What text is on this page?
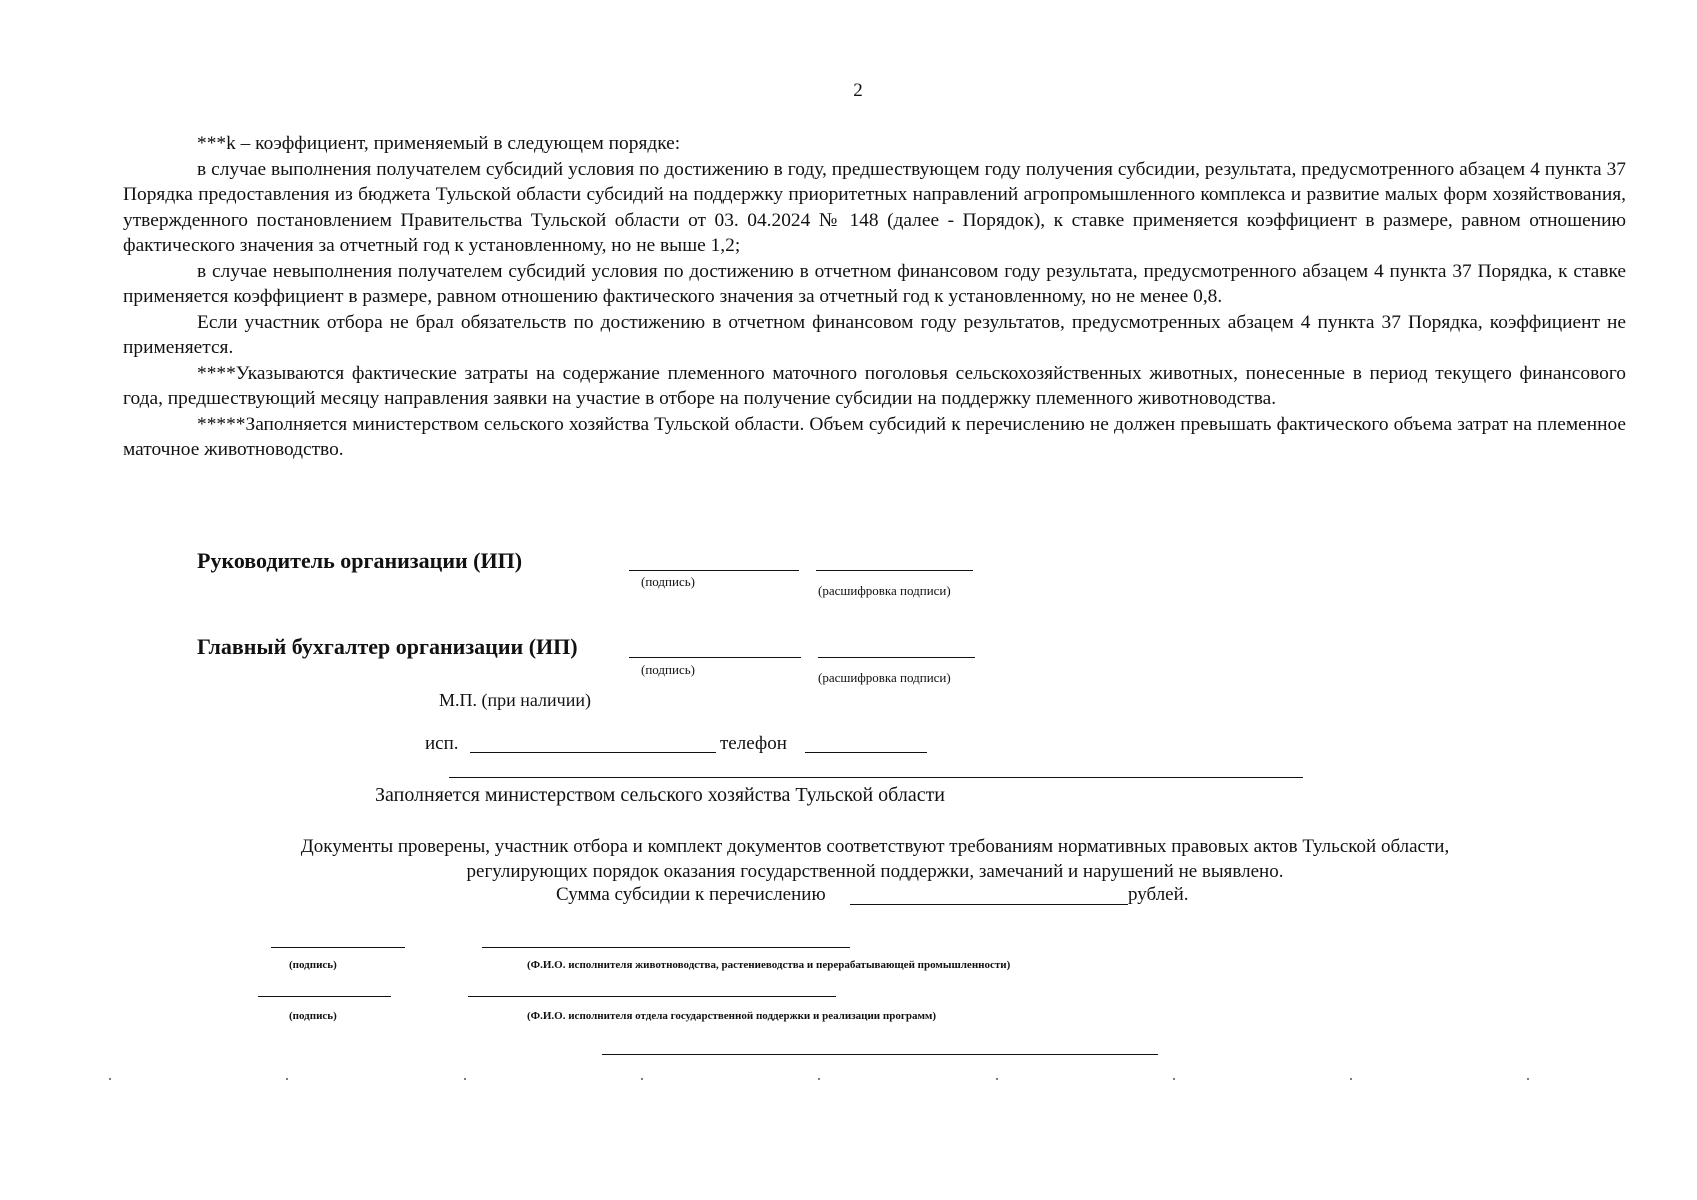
2

***k – коэффициент, применяемый в следующем порядке:

в случае выполнения получателем субсидий условия по достижению в году, предшествующем году получения субсидии, результата, предусмотренного абзацем 4 пункта 37 Порядка предоставления из бюджета Тульской области субсидий на поддержку приоритетных направлений агропромышленного комплекса и развитие малых форм хозяйствования, утвержденного постановлением Правительства Тульской области от 03. 04.2024 № 148 (далее - Порядок), к ставке применяется коэффициент в размере, равном отношению фактического значения за отчетный год к установленному, но не выше 1,2;

в случае невыполнения получателем субсидий условия по достижению в отчетном финансовом году результата, предусмотренного абзацем 4 пункта 37 Порядка, к ставке применяется коэффициент в размере, равном отношению фактического значения за отчетный год к установленному, но не менее 0,8.

Если участник отбора не брал обязательств по достижению в отчетном финансовом году результатов, предусмотренных абзацем 4 пункта 37 Порядка, коэффициент не применяется.

****Указываются фактические затраты на содержание племенного маточного поголовья сельскохозяйственных животных, понесенные в период текущего финансового года, предшествующий месяцу направления заявки на участие в отборе на получение субсидии на поддержку племенного животноводства.

*****Заполняется министерством сельского хозяйства Тульской области. Объем субсидий к перечислению не должен превышать фактического объема затрат на племенное маточное животноводство.

Руководитель организации (ИП)
(подпись)
(расшифровка подписи)
Главный бухгалтер организации (ИП)
(подпись)
(расшифровка подписи)
М.П. (при наличии)
исп.	телефон
Заполняется министерством сельского хозяйства Тульской области
Документы проверены, участник отбора и комплект документов соответствуют требованиям нормативных правовых актов Тульской области,
регулирующих порядок оказания государственной поддержки, замечаний и нарушений не выявлено.
Сумма субсидии к перечислению	рублей.
(подпись)	(Ф.И.О. исполнителя животноводства, растениеводства и перерабатывающей промышленности)
(подпись)	(Ф.И.О. исполнителя отдела государственной поддержки и реализации программ)
